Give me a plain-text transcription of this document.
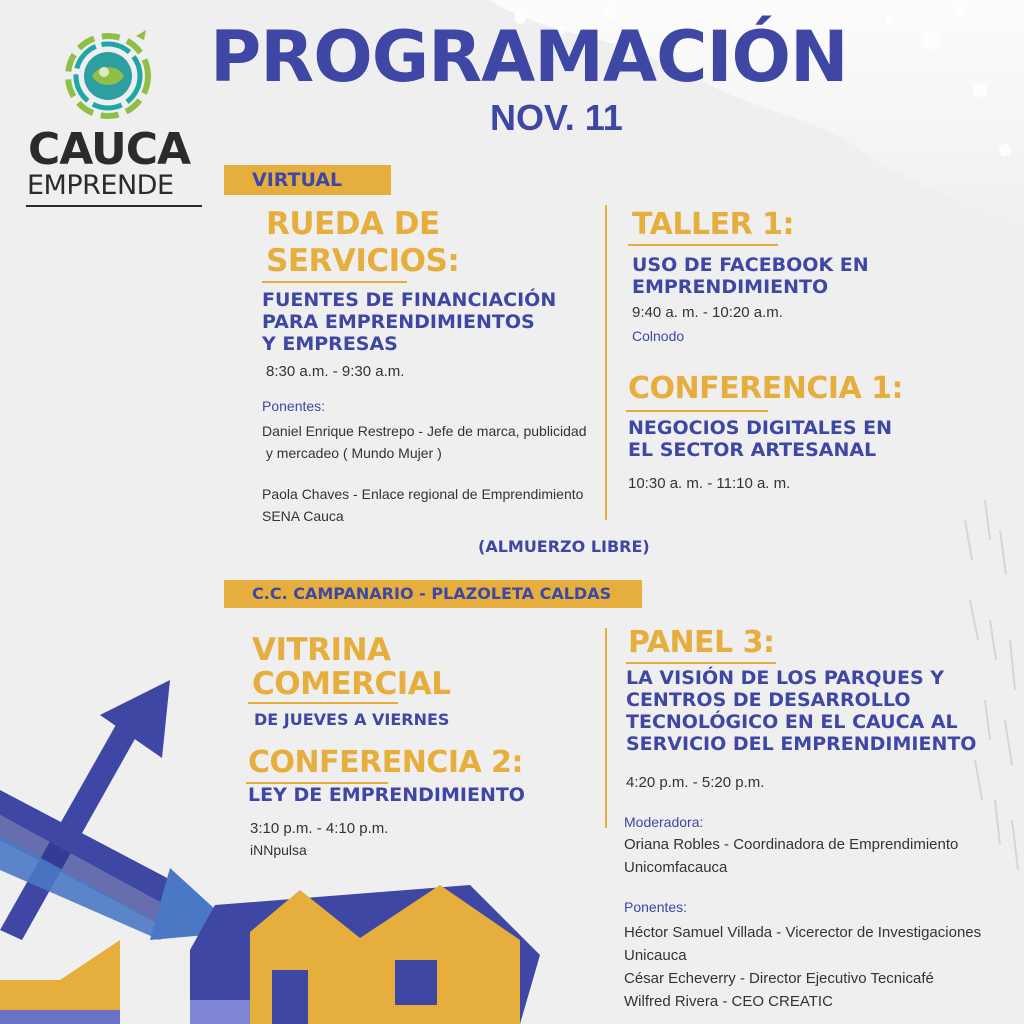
CAUCA
EMPRENDE
PROGRAMACIÓN
NOV. 11
VIRTUAL
RUEDA DE
SERVICIOS:
FUENTES DE FINANCIACIÓN
PARA EMPRENDIMIENTOS
Y EMPRESAS
8:30 a.m. - 9:30 a.m.
Ponentes:
Daniel Enrique Restrepo - Jefe de marca, publicidad
y mercadeo ( Mundo Mujer )
Paola Chaves - Enlace regional de Emprendimiento
SENA Cauca
TALLER 1:
USO DE FACEBOOK EN
EMPRENDIMIENTO
9:40 a. m. - 10:20 a.m.
Colnodo
CONFERENCIA 1:
NEGOCIOS DIGITALES EN
EL SECTOR ARTESANAL
10:30 a. m. - 11:10 a. m.
(ALMUERZO LIBRE)
C.C. CAMPANARIO - PLAZOLETA CALDAS
VITRINA
COMERCIAL
DE JUEVES A VIERNES
CONFERENCIA 2:
LEY DE EMPRENDIMIENTO
3:10 p.m. - 4:10 p.m.
iNNpulsa
PANEL 3:
LA VISIÓN DE LOS PARQUES Y
CENTROS DE DESARROLLO
TECNOLÓGICO EN EL CAUCA AL
SERVICIO DEL EMPRENDIMIENTO
4:20 p.m. - 5:20 p.m.
Moderadora:
Oriana Robles - Coordinadora de Emprendimiento
Unicomfacauca
Ponentes:
Héctor Samuel Villada - Vicerector de Investigaciones
Unicauca
César Echeverry - Director Ejecutivo Tecnicafé
Wilfred Rivera - CEO CREATIC
